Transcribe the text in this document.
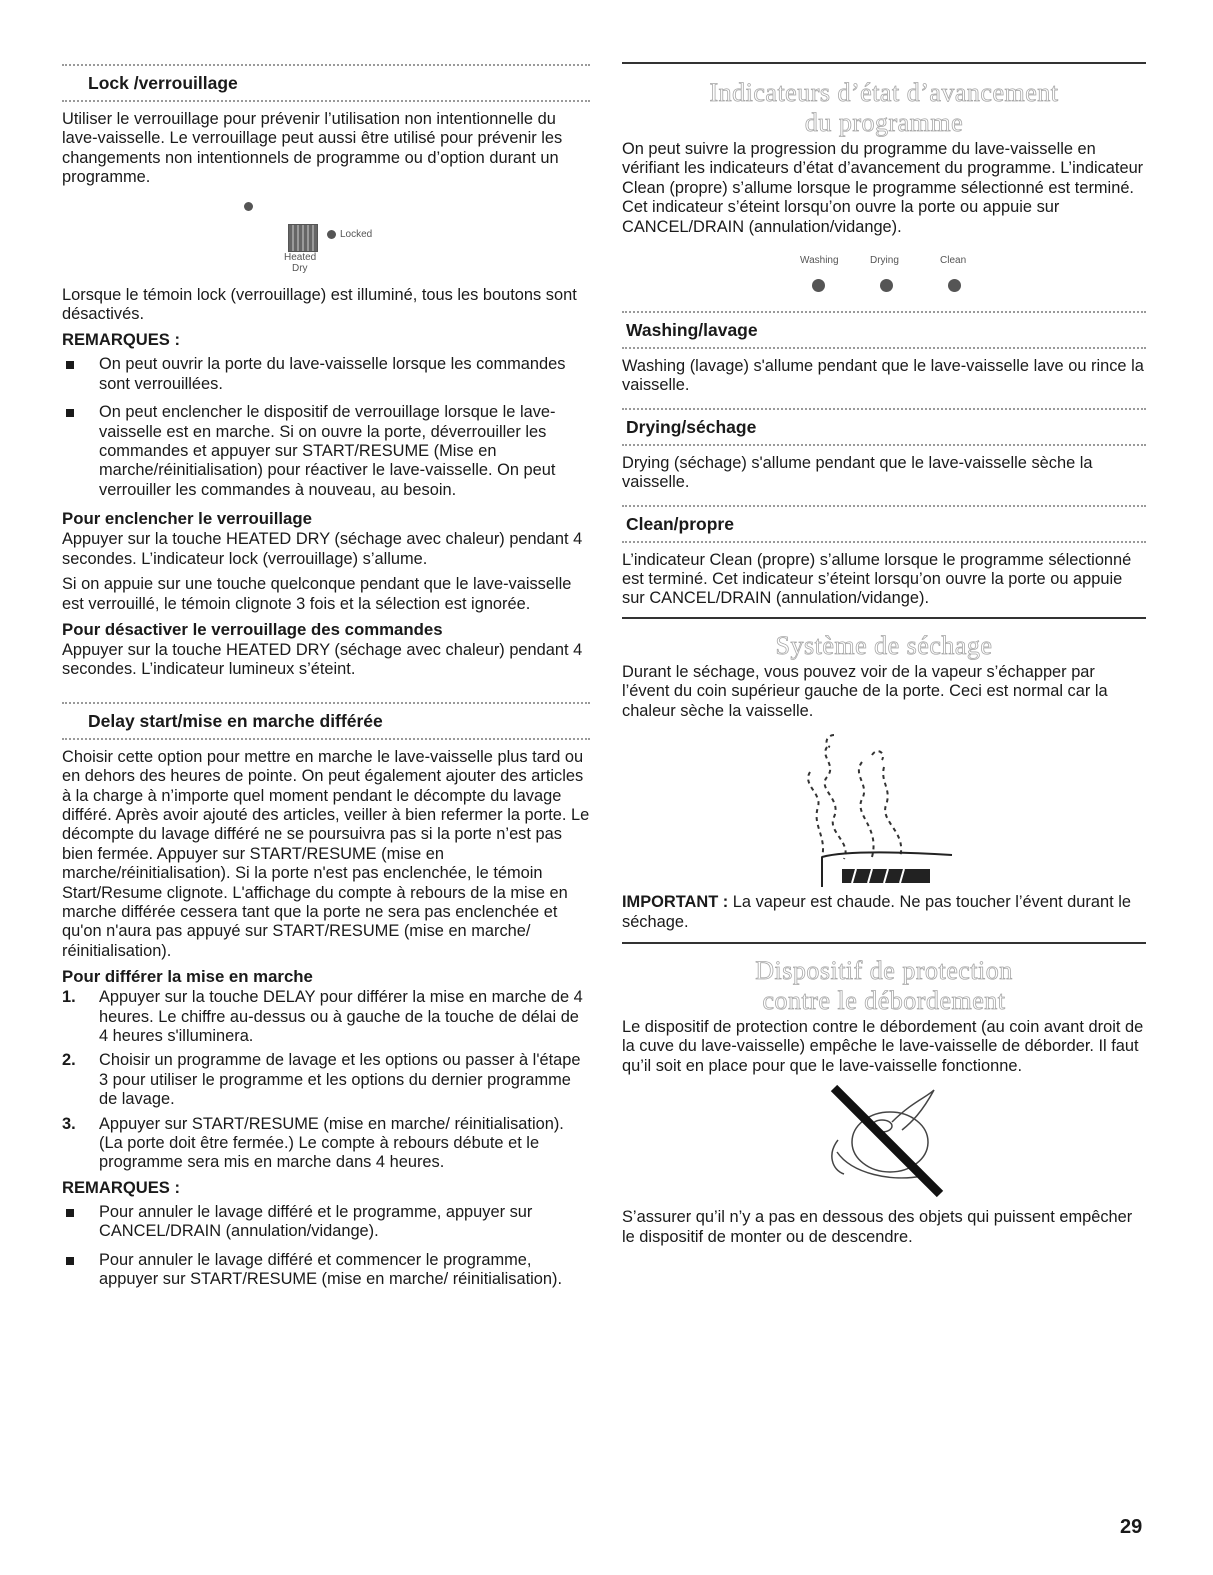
Lock /verrouillage

Utiliser le verrouillage pour prévenir l’utilisation non intentionnelle du lave-vaisselle. Le verrouillage peut aussi être utilisé pour prévenir les changements non intentionnels de programme ou d’option durant un programme.

Locked
Heated
Dry

Lorsque le témoin lock (verrouillage) est illuminé, tous les boutons sont désactivés.

REMARQUES :
On peut ouvrir la porte du lave-vaisselle lorsque les commandes sont verrouillées.
On peut enclencher le dispositif de verrouillage lorsque le lave-vaisselle est en marche. Si on ouvre la porte, déverrouiller les commandes et appuyer sur START/RESUME (Mise en marche/réinitialisation) pour réactiver le lave-vaisselle. On peut verrouiller les commandes à nouveau, au besoin.
Pour enclencher le verrouillage

Appuyer sur la touche HEATED DRY (séchage avec chaleur) pendant 4 secondes. L’indicateur lock (verrouillage) s’allume.

Si on appuie sur une touche quelconque pendant que le lave-vaisselle est verrouillé, le témoin clignote 3 fois et la sélection est ignorée.

Pour désactiver le verrouillage des commandes

Appuyer sur la touche HEATED DRY (séchage avec chaleur) pendant 4 secondes. L’indicateur lumineux s’éteint.

Delay start/mise en marche différée

Choisir cette option pour mettre en marche le lave-vaisselle plus tard ou en dehors des heures de pointe. On peut également ajouter des articles à la charge à n’importe quel moment pendant le décompte du lavage différé. Après avoir ajouté des articles, veiller à bien refermer la porte. Le décompte du lavage différé ne se poursuivra pas si la porte n’est pas bien fermée. Appuyer sur START/RESUME (mise en marche/réinitialisation). Si la porte n'est pas enclenchée, le témoin Start/Resume clignote. L'affichage du compte à rebours de la mise en marche différée cessera tant que la porte ne sera pas enclenchée et qu'on n'aura pas appuyé sur START/RESUME (mise en marche/ réinitialisation).

Pour différer la mise en marche
1. Appuyer sur la touche DELAY pour différer la mise en marche de 4 heures. Le chiffre au-dessus ou à gauche de la touche de délai de 4 heures s'illuminera.
2. Choisir un programme de lavage et les options ou passer à l'étape 3 pour utiliser le programme et les options du dernier programme de lavage.
3. Appuyer sur START/RESUME (mise en marche/ réinitialisation). (La porte doit être fermée.) Le compte à rebours débute et le programme sera mis en marche dans 4 heures.
REMARQUES :
Pour annuler le lavage différé et le programme, appuyer sur CANCEL/DRAIN (annulation/vidange).
Pour annuler le lavage différé et commencer le programme, appuyer sur START/RESUME (mise en marche/ réinitialisation).
Indicateurs d’état d’avancement
du programme

On peut suivre la progression du programme du lave-vaisselle en vérifiant les indicateurs d’état d’avancement du programme. L’indicateur Clean (propre) s’allume lorsque le programme sélectionné est terminé. Cet indicateur s’éteint lorsqu’on ouvre la porte ou appuie sur CANCEL/DRAIN (annulation/vidange).

Washing	Drying	Clean
Washing/lavage

Washing (lavage) s'allume pendant que le lave-vaisselle lave ou rince la vaisselle.

Drying/séchage

Drying (séchage) s'allume pendant que le lave-vaisselle sèche la vaisselle.

Clean/propre

L’indicateur Clean (propre) s’allume lorsque le programme sélectionné est terminé. Cet indicateur s’éteint lorsqu’on ouvre la porte ou appuie sur CANCEL/DRAIN (annulation/vidange).

Système de séchage

Durant le séchage, vous pouvez voir de la vapeur s’échapper par l’évent du coin supérieur gauche de la porte. Ceci est normal car la chaleur sèche la vaisselle.

IMPORTANT : La vapeur est chaude. Ne pas toucher l’évent durant le séchage.

Dispositif de protection
contre le débordement

Le dispositif de protection contre le débordement (au coin avant droit de la cuve du lave-vaisselle) empêche le lave-vaisselle de déborder. Il faut qu’il soit en place pour que le lave-vaisselle fonctionne.

S’assurer qu’il n’y a pas en dessous des objets qui puissent empêcher le dispositif de monter ou de descendre.

29
